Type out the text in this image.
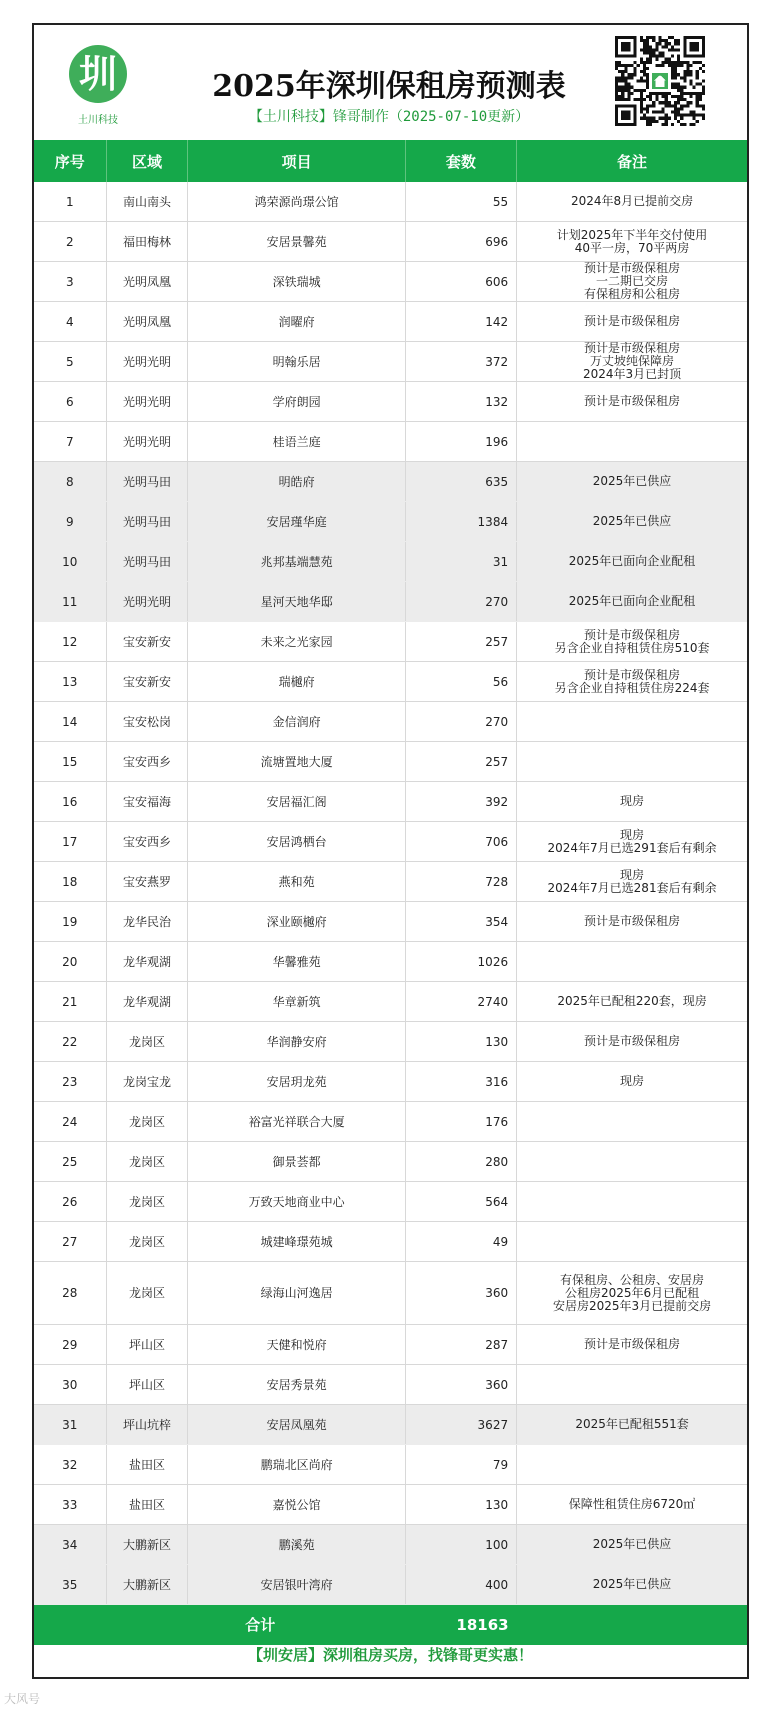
圳
土川科技
2025年深圳保租房预测表
【土川科技】锋哥制作（2025-07-10更新）
序号	区域	项目	套数	备注
1	南山南头	鸿荣源尚璟公馆	55	2024年8月已提前交房
2	福田梅林	安居景馨苑	696	计划2025年下半年交付使用
40平一房，70平两房
3	光明凤凰	深铁瑞城	606	预计是市级保租房
一二期已交房
有保租房和公租房
4	光明凤凰	润曜府	142	预计是市级保租房
5	光明光明	明翰乐居	372	预计是市级保租房
万丈坡纯保障房
2024年3月已封顶
6	光明光明	学府朗园	132	预计是市级保租房
7	光明光明	桂语兰庭	196	
8	光明马田	明皓府	635	2025年已供应
9	光明马田	安居瑾华庭	1384	2025年已供应
10	光明马田	兆邦基端慧苑	31	2025年已面向企业配租
11	光明光明	星河天地华邸	270	2025年已面向企业配租
12	宝安新安	未来之光家园	257	预计是市级保租房
另含企业自持租赁住房510套
13	宝安新安	瑞樾府	56	预计是市级保租房
另含企业自持租赁住房224套
14	宝安松岗	金信润府	270	
15	宝安西乡	流塘置地大厦	257	
16	宝安福海	安居福汇阁	392	现房
17	宝安西乡	安居鸿栖台	706	现房
2024年7月已选291套后有剩余
18	宝安燕罗	燕和苑	728	现房
2024年7月已选281套后有剩余
19	龙华民治	深业颐樾府	354	预计是市级保租房
20	龙华观湖	华馨雅苑	1026	
21	龙华观湖	华章新筑	2740	2025年已配租220套，现房
22	龙岗区	华润静安府	130	预计是市级保租房
23	龙岗宝龙	安居玥龙苑	316	现房
24	龙岗区	裕富光祥联合大厦	176	
25	龙岗区	御景荟都	280	
26	龙岗区	万致天地商业中心	564	
27	龙岗区	城建峰璟苑城	49	
28	龙岗区	绿海山河逸居	360	有保租房、公租房、安居房
公租房2025年6月已配租
安居房2025年3月已提前交房
29	坪山区	天健和悦府	287	预计是市级保租房
30	坪山区	安居秀景苑	360	
31	坪山坑梓	安居凤凰苑	3627	2025年已配租551套
32	盐田区	鹏瑞北区尚府	79	
33	盐田区	嘉悦公馆	130	保障性租赁住房6720㎡
34	大鹏新区	鹏溪苑	100	2025年已供应
35	大鹏新区	安居银叶湾府	400	2025年已供应
合计			18163	
【圳安居】深圳租房买房，找锋哥更实惠！
大风号
